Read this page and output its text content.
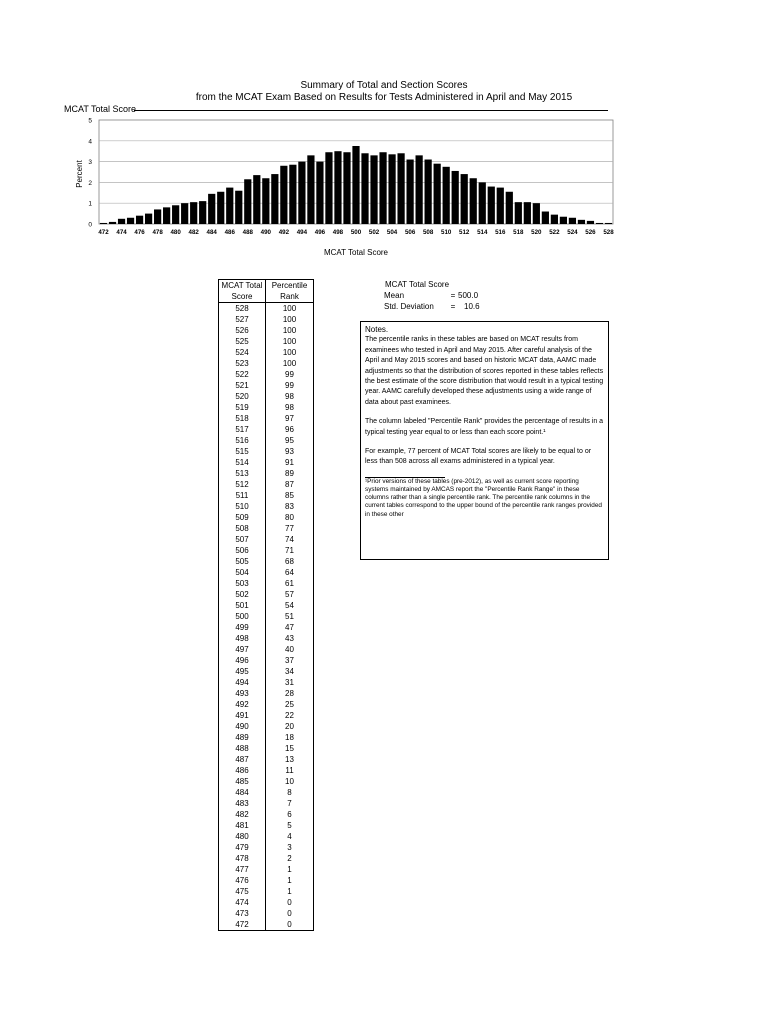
Summary of Total and Section Scores
from the MCAT Exam Based on Results for Tests Administered in April and May 2015
MCAT Total Score
0
1
2
3
4
5
472 474 476 478 480 482 484 486 488 490 492 494 496 498 500 502 504 506 508 510 512 514 516 518 520 522 524 526 528
Percent
MCAT Total Score
MCAT Total	Percentile
Score	Rank
528	100
527	100
526	100
525	100
524	100
523	100
522	99
521	99
520	98
519	98
518	97
517	96
516	95
515	93
514	91
513	89
512	87
511	85
510	83
509	80
508	77
507	74
506	71
505	68
504	64
503	61
502	57
501	54
500	51
499	47
498	43
497	40
496	37
495	34
494	31
493	28
492	25
491	22
490	20
489	18
488	15
487	13
486	11
485	10
484	8
483	7
482	6
481	5
480	4
479	3
478	2
477	1
476	1
475	1
474	0
473	0
472	0
MCAT Total Score
Mean	= 500.0
Std. Deviation	=	10.6

Notes.

The percentile ranks in these tables are based on MCAT results from examinees who tested in April and May 2015. After careful analysis of the April and May 2015 scores and based on historic MCAT data, AAMC made adjustments so that the distribution of scores reported in these tables reflects the best estimate of the score distribution that would result in a typical testing year. AAMC carefully developed these adjustments using a wide range of data about past examinees.

The column labeled "Percentile Rank" provides the percentage of results in a typical testing year equal to or less than each score point.¹

For example, 77 percent of MCAT Total scores are likely to be equal to or less than 508 across all exams administered in a typical year.

¹Prior versions of these tables (pre-2012), as well as current score reporting systems maintained by AMCAS report the "Percentile Rank Range" in these columns rather than a single percentile rank. The percentile rank columns in the current tables correspond to the upper bound of the percentile rank ranges provided in these other
